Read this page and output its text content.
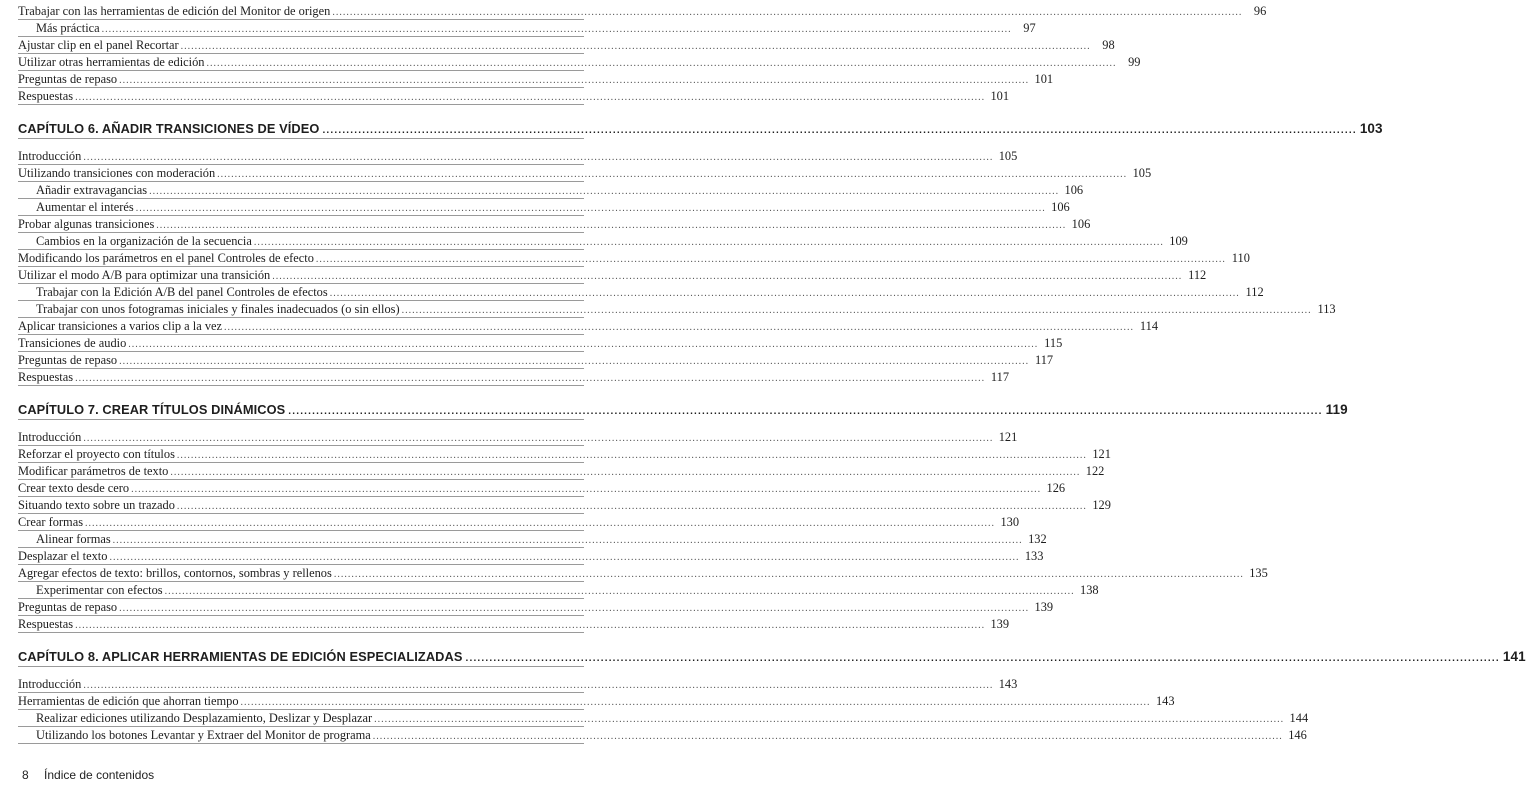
Trabajar con las herramientas de edición del Monitor de origen .................................................................................................................................................................................................................................................................... 96
Más práctica .................................................................................................................................................................................................................................................................... 97
Ajustar clip en el panel Recortar .................................................................................................................................................................................................................................................................... 98
Utilizar otras herramientas de edición .................................................................................................................................................................................................................................................................... 99
Preguntas de repaso .................................................................................................................................................................................................................................................................... 101
Respuestas .................................................................................................................................................................................................................................................................... 101
CAPÍTULO 6. AÑADIR TRANSICIONES DE VÍDEO .................................................................................................................................................................................................................................................................... 103
Introducción .................................................................................................................................................................................................................................................................... 105
Utilizando transiciones con moderación .................................................................................................................................................................................................................................................................... 105
Añadir extravagancias .................................................................................................................................................................................................................................................................... 106
Aumentar el interés .................................................................................................................................................................................................................................................................... 106
Probar algunas transiciones .................................................................................................................................................................................................................................................................... 106
Cambios en la organización de la secuencia .................................................................................................................................................................................................................................................................... 109
Modificando los parámetros en el panel Controles de efecto .................................................................................................................................................................................................................................................................... 110
Utilizar el modo A/B para optimizar una transición .................................................................................................................................................................................................................................................................... 112
Trabajar con la Edición A/B del panel Controles de efectos .................................................................................................................................................................................................................................................................... 112
Trabajar con unos fotogramas iniciales y finales inadecuados (o sin ellos) .................................................................................................................................................................................................................................................................... 113
Aplicar transiciones a varios clip a la vez .................................................................................................................................................................................................................................................................... 114
Transiciones de audio .................................................................................................................................................................................................................................................................... 115
Preguntas de repaso .................................................................................................................................................................................................................................................................... 117
Respuestas .................................................................................................................................................................................................................................................................... 117
CAPÍTULO 7. CREAR TÍTULOS DINÁMICOS .................................................................................................................................................................................................................................................................... 119
Introducción .................................................................................................................................................................................................................................................................... 121
Reforzar el proyecto con títulos .................................................................................................................................................................................................................................................................... 121
Modificar parámetros de texto .................................................................................................................................................................................................................................................................... 122
Crear texto desde cero .................................................................................................................................................................................................................................................................... 126
Situando texto sobre un trazado .................................................................................................................................................................................................................................................................... 129
Crear formas .................................................................................................................................................................................................................................................................... 130
Alinear formas .................................................................................................................................................................................................................................................................... 132
Desplazar el texto .................................................................................................................................................................................................................................................................... 133
Agregar efectos de texto: brillos, contornos, sombras y rellenos .................................................................................................................................................................................................................................................................... 135
Experimentar con efectos .................................................................................................................................................................................................................................................................... 138
Preguntas de repaso .................................................................................................................................................................................................................................................................... 139
Respuestas .................................................................................................................................................................................................................................................................... 139
CAPÍTULO 8. APLICAR HERRAMIENTAS DE EDICIÓN ESPECIALIZADAS .................................................................................................................................................................................................................................................................... 141
Introducción .................................................................................................................................................................................................................................................................... 143
Herramientas de edición que ahorran tiempo .................................................................................................................................................................................................................................................................... 143
Realizar ediciones utilizando Desplazamiento, Deslizar y Desplazar .................................................................................................................................................................................................................................................................... 144
Utilizando los botones Levantar y Extraer del Monitor de programa .................................................................................................................................................................................................................................................................... 146
8 Índice de contenidos
